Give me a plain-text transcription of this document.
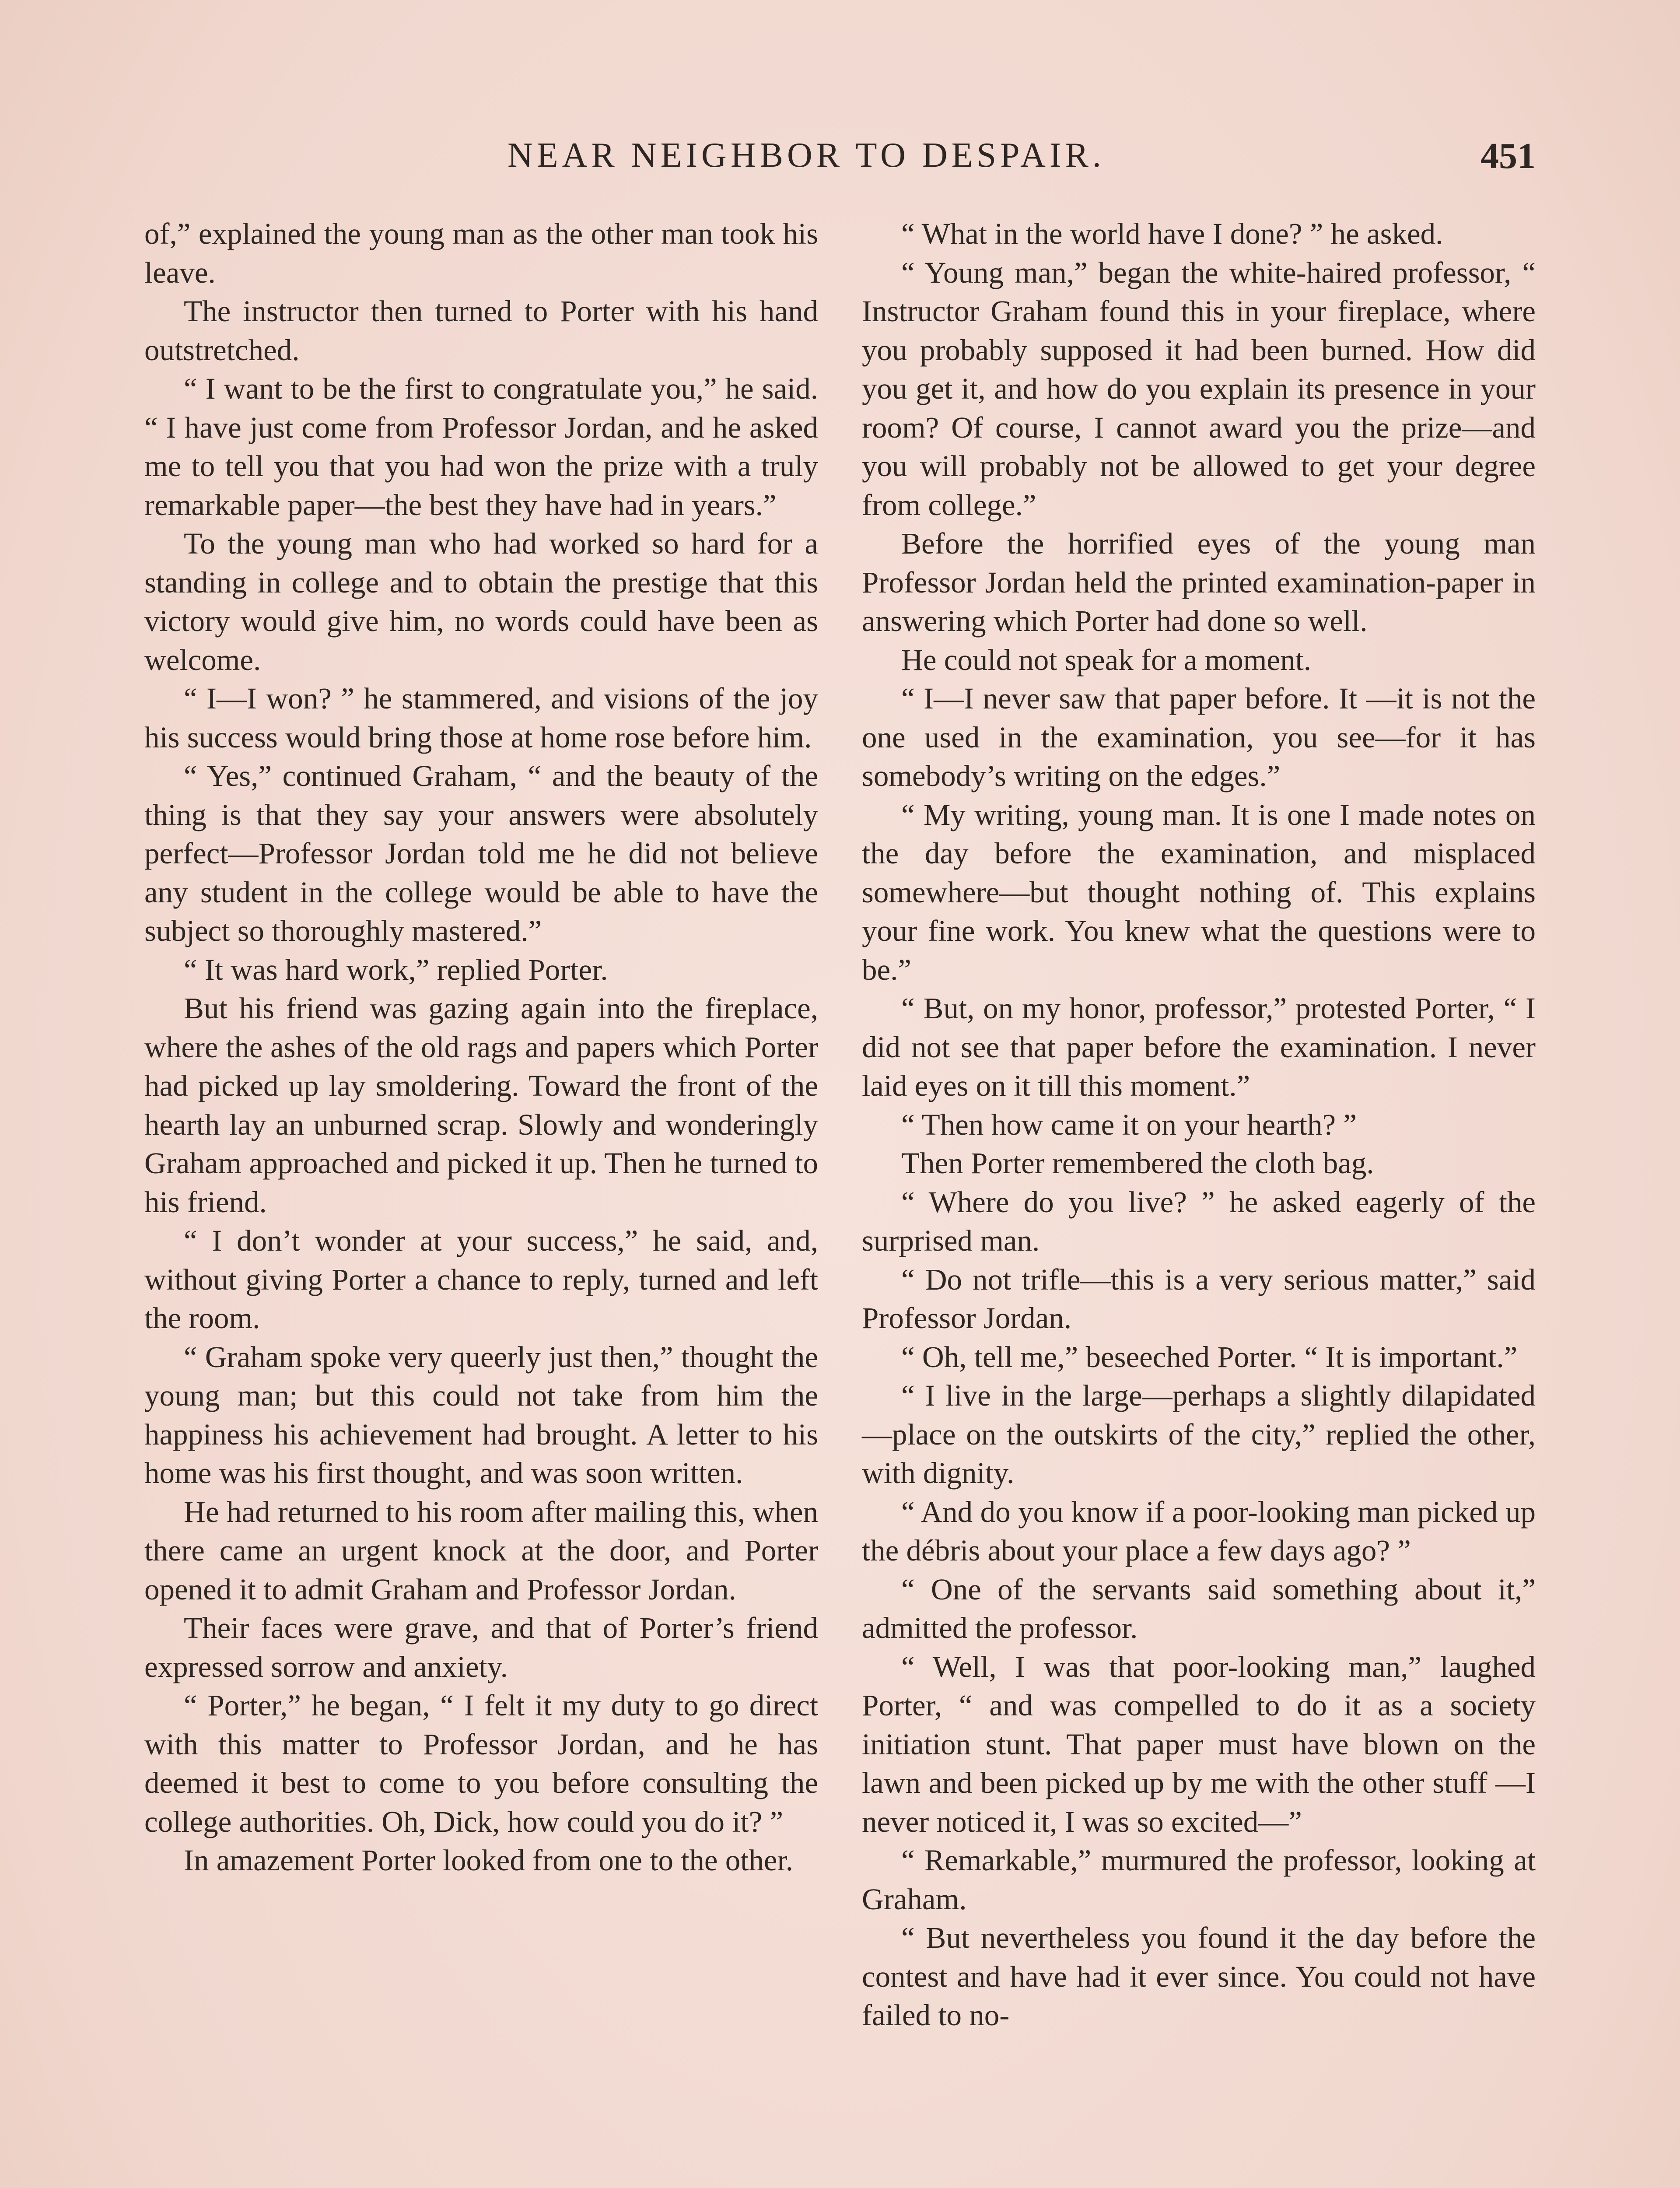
NEAR NEIGHBOR TO DESPAIR.	451

of,” explained the young man as the other man took his leave.

The instructor then turned to Porter with his hand outstretched.

“ I want to be the first to congratulate you,” he said. “ I have just come from Professor Jordan, and he asked me to tell you that you had won the prize with a truly remarkable paper—the best they have had in years.”

To the young man who had worked so hard for a standing in college and to obtain the prestige that this victory would give him, no words could have been as welcome.

“ I—I won? ” he stammered, and visions of the joy his success would bring those at home rose before him.

“ Yes,” continued Graham, “ and the beauty of the thing is that they say your answers were absolutely perfect—Professor Jordan told me he did not believe any student in the college would be able to have the subject so thoroughly mastered.”

“ It was hard work,” replied Porter.

But his friend was gazing again into the fireplace, where the ashes of the old rags and papers which Porter had picked up lay smoldering. Toward the front of the hearth lay an unburned scrap. Slowly and wonderingly Graham approached and picked it up. Then he turned to his friend.

“ I don’t wonder at your success,” he said, and, without giving Porter a chance to reply, turned and left the room.

“ Graham spoke very queerly just then,” thought the young man; but this could not take from him the happiness his achievement had brought. A letter to his home was his first thought, and was soon written.

He had returned to his room after mailing this, when there came an urgent knock at the door, and Porter opened it to admit Graham and Professor Jordan.

Their faces were grave, and that of Porter’s friend expressed sorrow and anxiety.

“ Porter,” he began, “ I felt it my duty to go direct with this matter to Professor Jordan, and he has deemed it best to come to you before consulting the college authorities. Oh, Dick, how could you do it? ”

In amazement Porter looked from one to the other.

“ What in the world have I done? ” he asked.

“ Young man,” began the white-haired professor, “ Instructor Graham found this in your fireplace, where you probably supposed it had been burned. How did you get it, and how do you explain its presence in your room? Of course, I cannot award you the prize—and you will probably not be allowed to get your degree from college.”

Before the horrified eyes of the young man Professor Jordan held the printed examination-paper in answering which Porter had done so well.

He could not speak for a moment.

“ I—I never saw that paper before. It —it is not the one used in the examination, you see—for it has somebody’s writing on the edges.”

“ My writing, young man. It is one I made notes on the day before the examination, and misplaced somewhere—but thought nothing of. This explains your fine work. You knew what the questions were to be.”

“ But, on my honor, professor,” protested Porter, “ I did not see that paper before the examination. I never laid eyes on it till this moment.”

“ Then how came it on your hearth? ”

Then Porter remembered the cloth bag.

“ Where do you live? ” he asked eagerly of the surprised man.

“ Do not trifle—this is a very serious matter,” said Professor Jordan.

“ Oh, tell me,” beseeched Porter. “ It is important.”

“ I live in the large—perhaps a slightly dilapidated—place on the outskirts of the city,” replied the other, with dignity.

“ And do you know if a poor-looking man picked up the débris about your place a few days ago? ”

“ One of the servants said something about it,” admitted the professor.

“ Well, I was that poor-looking man,” laughed Porter, “ and was compelled to do it as a society initiation stunt. That paper must have blown on the lawn and been picked up by me with the other stuff —I never noticed it, I was so excited—”

“ Remarkable,” murmured the professor, looking at Graham.

“ But nevertheless you found it the day before the contest and have had it ever since. You could not have failed to no-
